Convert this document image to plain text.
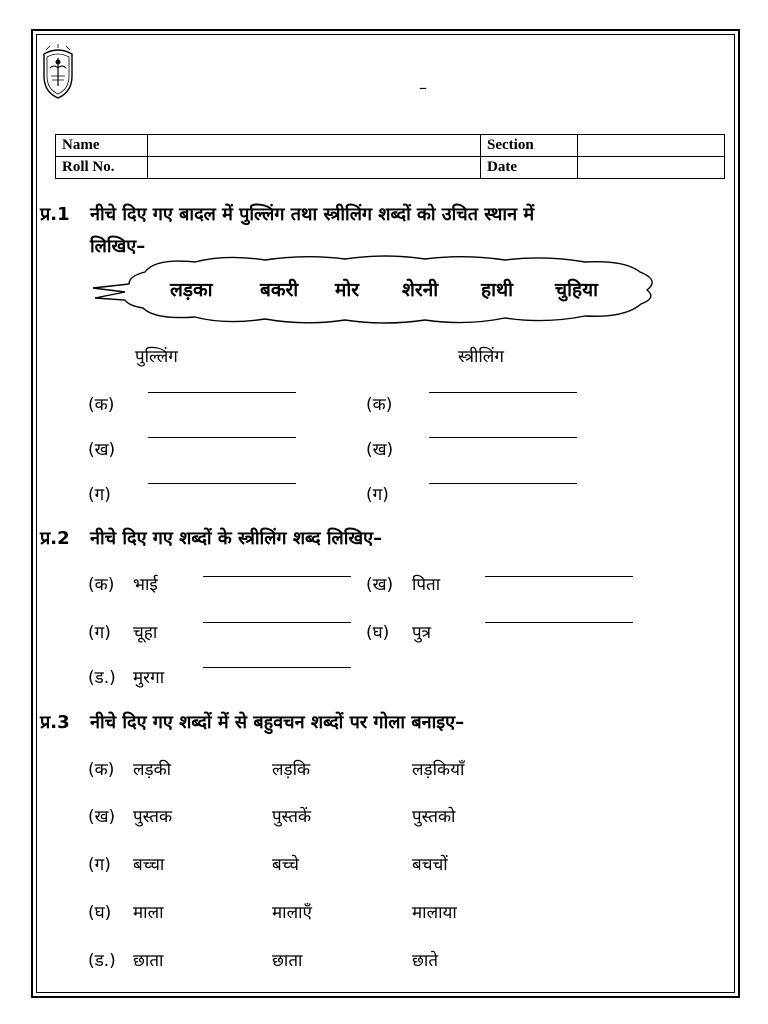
–
Name		Section	
Roll No.		Date	
प्र.1 नीचे दिए गए बादल में पुल्लिंग तथा स्त्रीलिंग शब्दों को उचित स्थान में
लिखिए–
लड़का बकरी मोर शेरनी हाथी चुहिया
पुल्लिंग	स्त्रीलिंग
(क)	(क)
(ख)	(ख)
(ग)	(ग)
प्र.2 नीचे दिए गए शब्दों के स्त्रीलिंग शब्द लिखिए–
(क) भाई	(ख) पिता
(ग) चूहा	(घ) पुत्र
(ड.) मुरगा
प्र.3 नीचे दिए गए शब्दों में से बहुवचन शब्दों पर गोला बनाइए–
(क) लड़की	लड़कि	लड़कियाँ
(ख) पुस्तक	पुस्तकें	पुस्तको
(ग) बच्चा	बच्चे	बचचों
(घ) माला	मालाएँ	मालाया
(ड.) छाता	छाता	छाते
